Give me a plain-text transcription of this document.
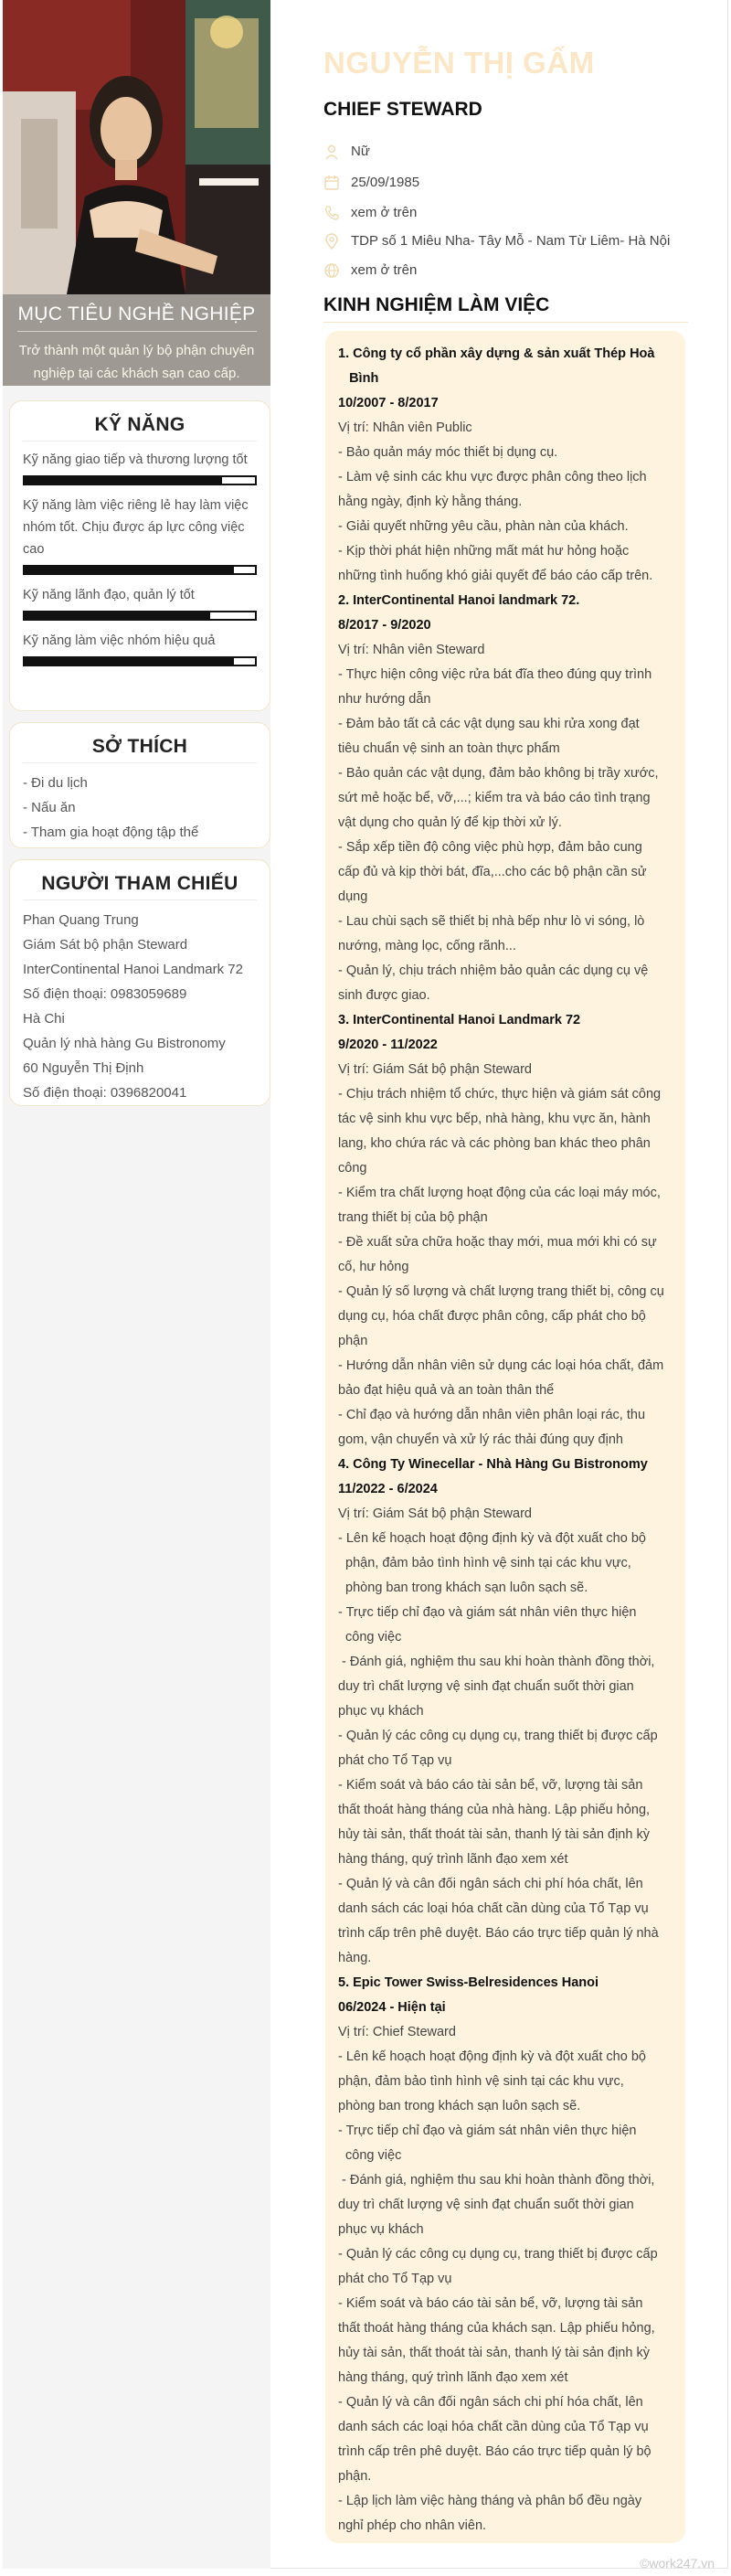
MỤC TIÊU NGHỀ NGHIỆP

Trở thành một quản lý bộ phận chuyên
nghiệp tại các khách sạn cao cấp.

KỸ NĂNG
Kỹ năng giao tiếp và thương lượng tốt
Kỹ năng làm việc riêng lẻ hay làm việc
nhóm tốt. Chịu được áp lực công việc
cao
Kỹ năng lãnh đạo, quản lý tốt
Kỹ năng làm việc nhóm hiệu quả
SỞ THÍCH
- Đi du lịch
- Nấu ăn
- Tham gia hoạt động tập thể
NGƯỜI THAM CHIẾU
Phan Quang Trung
Giám Sát bộ phận Steward
InterContinental Hanoi Landmark 72
Số điện thoại: 0983059689
Hà Chi
Quản lý nhà hàng Gu Bistronomy
60 Nguyễn Thị Định
Số điện thoại: 0396820041
NGUYỄN THỊ GẤM
CHIEF STEWARD
Nữ
25/09/1985
xem ở trên
TDP số 1 Miêu Nha- Tây Mỗ - Nam Từ Liêm- Hà Nội
xem ở trên
KINH NGHIỆM LÀM VIỆC
1. Công ty cổ phần xây dựng & sản xuất Thép Hoà
Bình
10/2007 - 8/2017
Vị trí: Nhân viên Public
- Bảo quản máy móc thiết bị dụng cụ.
- Làm vệ sinh các khu vực được phân công theo lịch
hằng ngày, định kỳ hằng tháng.
- Giải quyết những yêu cầu, phàn nàn của khách.
- Kịp thời phát hiện những mất mát hư hỏng hoặc
những tình huống khó giải quyết để báo cáo cấp trên.
2. InterContinental Hanoi landmark 72.
8/2017 - 9/2020
Vị trí: Nhân viên Steward
- Thực hiện công việc rửa bát đĩa theo đúng quy trình
như hướng dẫn
- Đảm bảo tất cả các vật dụng sau khi rửa xong đạt
tiêu chuẩn vệ sinh an toàn thực phẩm
- Bảo quản các vật dụng, đảm bảo không bị trầy xước,
sứt mẻ hoặc bể, vỡ,...; kiểm tra và báo cáo tình trạng
vật dụng cho quản lý để kịp thời xử lý.
- Sắp xếp tiền độ công việc phù hợp, đảm bảo cung
cấp đủ và kịp thời bát, đĩa,...cho các bộ phận cần sử
dụng
- Lau chùi sạch sẽ thiết bị nhà bếp như lò vi sóng, lò
nướng, màng lọc, cống rãnh...
- Quản lý, chịu trách nhiệm bảo quản các dụng cụ vệ
sinh được giao.
3. InterContinental Hanoi Landmark 72
9/2020 - 11/2022
Vị trí: Giám Sát bộ phận Steward
- Chịu trách nhiệm tổ chức, thực hiện và giám sát công
tác vệ sinh khu vực bếp, nhà hàng, khu vực ăn, hành
lang, kho chứa rác và các phòng ban khác theo phân
công
- Kiểm tra chất lượng hoạt động của các loại máy móc,
trang thiết bị của bộ phận
- Đề xuất sửa chữa hoặc thay mới, mua mới khi có sự
cố, hư hỏng
- Quản lý số lượng và chất lượng trang thiết bị, công cụ
dụng cụ, hóa chất được phân công, cấp phát cho bộ
phận
- Hướng dẫn nhân viên sử dụng các loại hóa chất, đảm
bảo đạt hiệu quả và an toàn thân thể
- Chỉ đạo và hướng dẫn nhân viên phân loại rác, thu
gom, vận chuyển và xử lý rác thải đúng quy định
4. Công Ty Winecellar - Nhà Hàng Gu Bistronomy
11/2022 - 6/2024
Vị trí: Giám Sát bộ phận Steward
- Lên kế hoạch hoạt động định kỳ và đột xuất cho bộ
phận, đảm bảo tình hình vệ sinh tại các khu vực,
phòng ban trong khách sạn luôn sạch sẽ.
- Trực tiếp chỉ đạo và giám sát nhân viên thực hiện
công việc
- Đánh giá, nghiệm thu sau khi hoàn thành đồng thời,
duy trì chất lượng vệ sinh đạt chuẩn suốt thời gian
phục vụ khách
- Quản lý các công cụ dụng cụ, trang thiết bị được cấp
phát cho Tổ Tạp vụ
- Kiểm soát và báo cáo tài sản bể, vỡ, lượng tài sản
thất thoát hàng tháng của nhà hàng. Lập phiếu hỏng,
hủy tài sản, thất thoát tài sản, thanh lý tài sản định kỳ
hàng tháng, quý trình lãnh đạo xem xét
- Quản lý và cân đối ngân sách chi phí hóa chất, lên
danh sách các loại hóa chất cần dùng của Tổ Tạp vụ
trình cấp trên phê duyệt. Báo cáo trực tiếp quản lý nhà
hàng.
5. Epic Tower Swiss-Belresidences Hanoi
06/2024 - Hiện tại
Vị trí: Chief Steward
- Lên kế hoạch hoạt động định kỳ và đột xuất cho bộ
phận, đảm bảo tình hình vệ sinh tại các khu vực,
phòng ban trong khách sạn luôn sạch sẽ.
- Trực tiếp chỉ đạo và giám sát nhân viên thực hiện
công việc
- Đánh giá, nghiệm thu sau khi hoàn thành đồng thời,
duy trì chất lượng vệ sinh đạt chuẩn suốt thời gian
phục vụ khách
- Quản lý các công cụ dụng cụ, trang thiết bị được cấp
phát cho Tổ Tạp vụ
- Kiểm soát và báo cáo tài sản bể, vỡ, lượng tài sản
thất thoát hàng tháng của khách sạn. Lập phiếu hỏng,
hủy tài sản, thất thoát tài sản, thanh lý tài sản định kỳ
hàng tháng, quý trình lãnh đạo xem xét
- Quản lý và cân đối ngân sách chi phí hóa chất, lên
danh sách các loại hóa chất cần dùng của Tổ Tạp vụ
trình cấp trên phê duyệt. Báo cáo trực tiếp quản lý bộ
phận.
- Lập lịch làm việc hàng tháng và phân bổ đều ngày
nghỉ phép cho nhân viên.
©work247.vn
